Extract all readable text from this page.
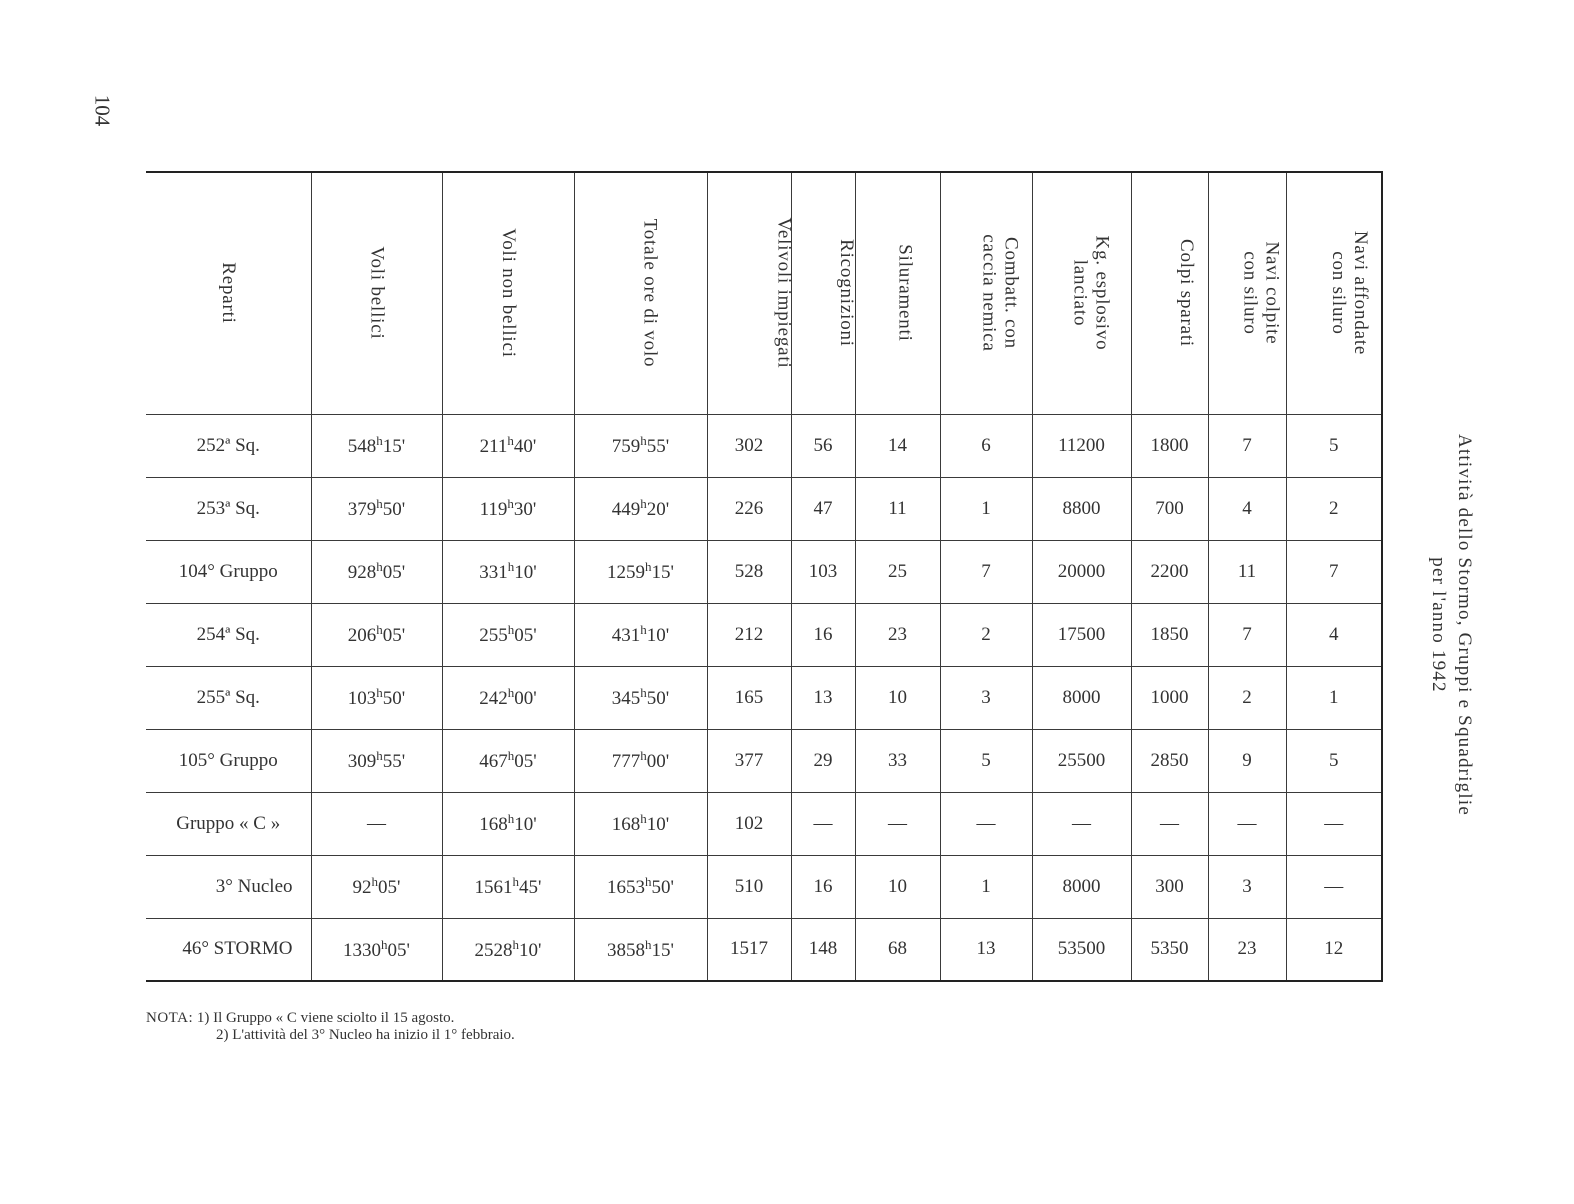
104
Reparti	Voli bellici	Voli non bellici	Totale ore di volo	Velivoli impiegati	Ricognizioni	Siluramenti	Combatt. con
caccia nemica	Kg. esplosivo
lanciato	Colpi sparati	Navi colpite
con siluro	Navi affondate
con siluro

252ª Sq.	548$^h$15'	211$^h$40'	759$^h$55'	302	56	14	6	11200	1800	7	5
253ª Sq.	379$^h$50'	119$^h$30'	449$^h$20'	226	47	11	1	8800	700	4	2
104° Gruppo	928$^h$05'	331$^h$10'	1259$^h$15'	528	103	25	7	20000	2200	11	7
254ª Sq.	206$^h$05'	255$^h$05'	431$^h$10'	212	16	23	2	17500	1850	7	4
255ª Sq.	103$^h$50'	242$^h$00'	345$^h$50'	165	13	10	3	8000	1000	2	1
105° Gruppo	309$^h$55'	467$^h$05'	777$^h$00'	377	29	33	5	25500	2850	9	5
Gruppo « C »	—	168$^h$10'	168$^h$10'	102	—	—	—	—	—	—	—
3° Nucleo	92$^h$05'	1561$^h$45'	1653$^h$50'	510	16	10	1	8000	300	3	—
46° STORMO	1330$^h$05'	2528$^h$10'	3858$^h$15'	1517	148	68	13	53500	5350	23	12
Attività dello Stormo, Gruppi e Squadriglie
per l'anno 1942
NOTA: 1) Il Gruppo « C viene sciolto il 15 agosto.
2) L'attività del 3° Nucleo ha inizio il 1° febbraio.
